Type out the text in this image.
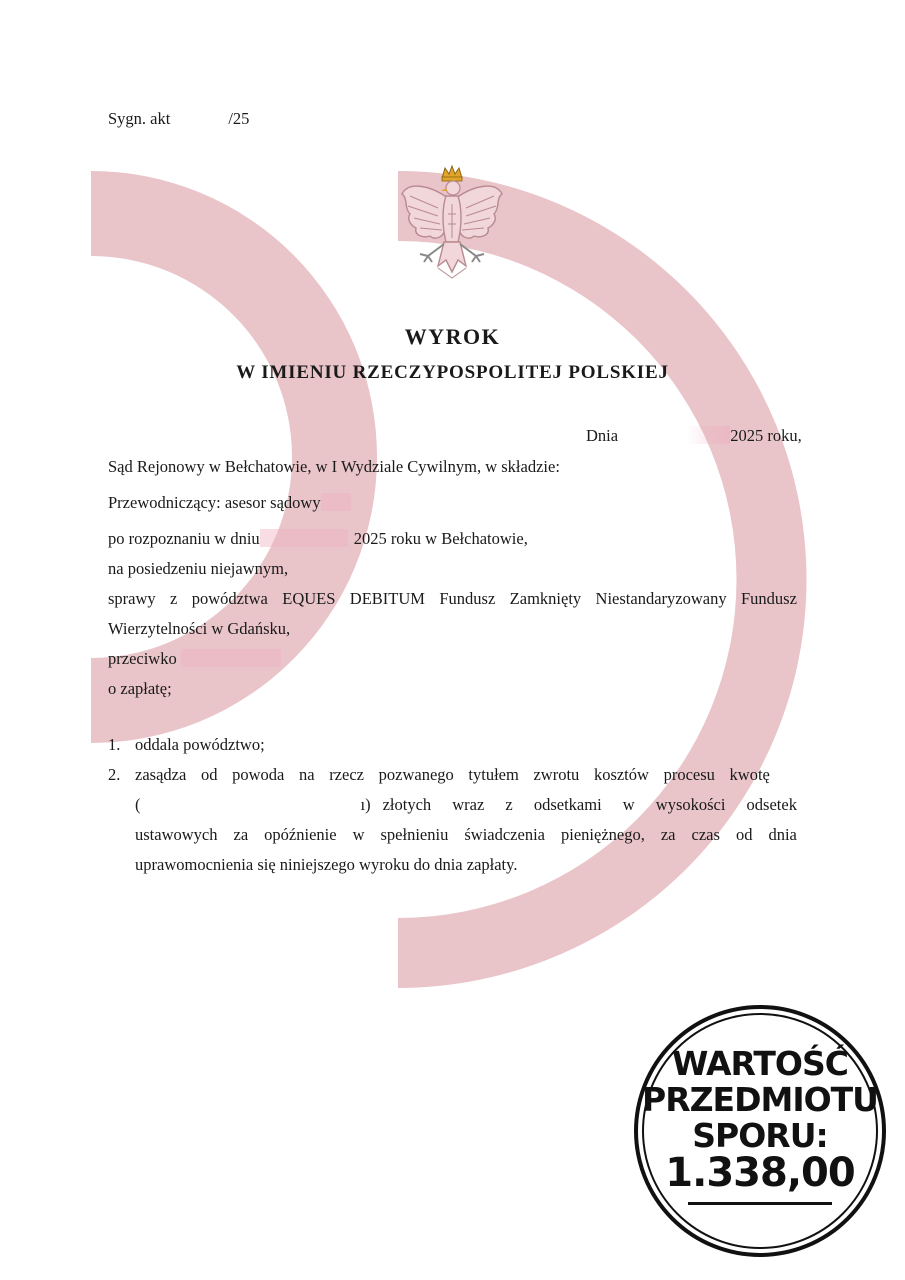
Sygn. akt	/25
WYROK
W IMIENIU RZECZYPOSPOLITEJ POLSKIEJ
Dnia	2025 roku,
Sąd Rejonowy w Bełchatowie, w I Wydziale Cywilnym, w składzie:
Przewodniczący: asesor sądowy
po rozpoznaniu w dniu	2025 roku w Bełchatowie,
na posiedzeniu niejawnym,
sprawy z powództwa EQUES DEBITUM Fundusz Zamknięty Niestandaryzowany Fundusz
Wierzytelności w Gdańsku,
przeciwko
o zapłatę;
1. oddala powództwo;
2. zasądza od powoda na rzecz pozwanego tytułem zwrotu kosztów procesu kwotę
(	ı) złotych wraz z odsetkami w wysokości odsetek
ustawowych za opóźnienie w spełnieniu świadczenia pieniężnego, za czas od dnia
uprawomocnienia się niniejszego wyroku do dnia zapłaty.
WARTOŚĆ
PRZEDMIOTU
SPORU:
1.338,00
